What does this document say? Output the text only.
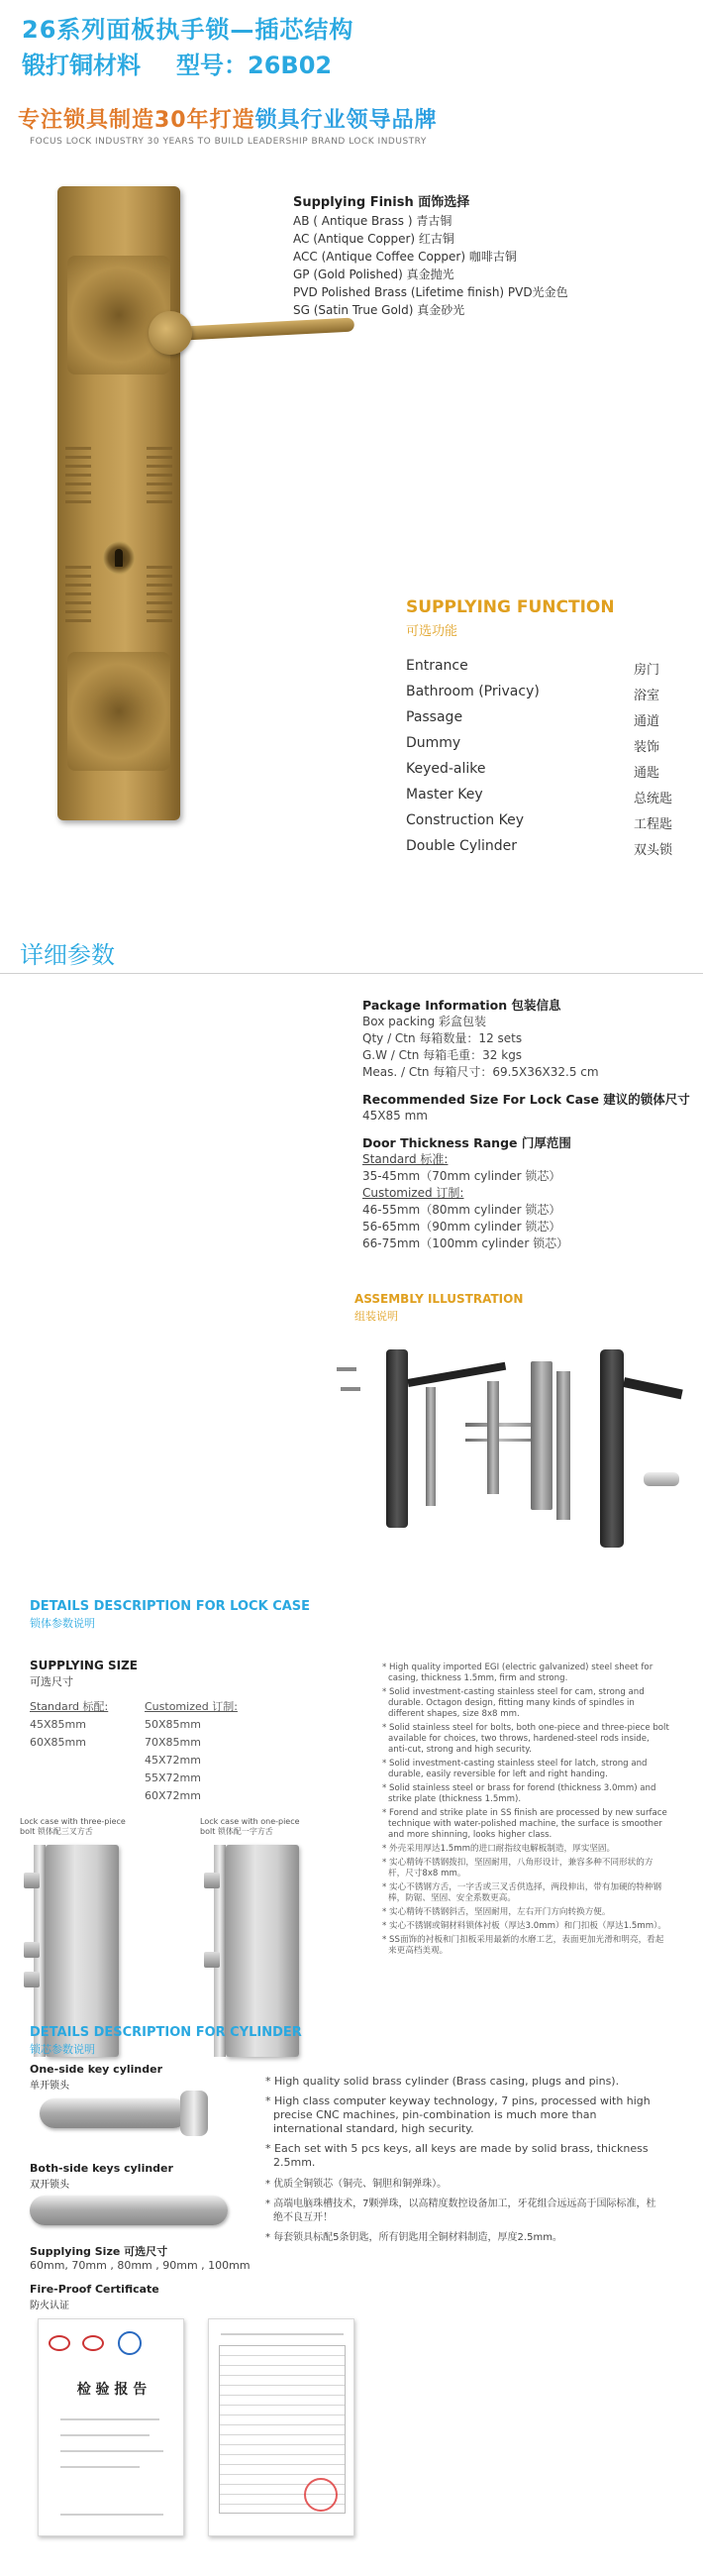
26系列面板执手锁—插芯结构
锻打铜材料 型号：26B02
专注锁具制造30年打造锁具行业领导品牌
FOCUS LOCK INDUSTRY 30 YEARS TO BUILD LEADERSHIP BRAND LOCK INDUSTRY
Supplying Finish 面饰选择
AB ( Antique Brass ) 青古铜
AC (Antique Copper) 红古铜
ACC (Antique Coffee Copper) 咖啡古铜
GP (Gold Polished) 真金抛光
PVD Polished Brass (Lifetime finish) PVD光金色
SG (Satin True Gold) 真金砂光
SUPPLYING FUNCTION
可选功能
Entrance	房门
Bathroom (Privacy)	浴室
Passage	通道
Dummy	装饰
Keyed-alike	通匙
Master Key	总统匙
Construction Key	工程匙
Double Cylinder	双头锁
详细参数
Package Information 包装信息
Box packing 彩盒包装
Qty / Ctn 每箱数量：12 sets
G.W / Ctn 每箱毛重：32 kgs
Meas. / Ctn 每箱尺寸：69.5X36X32.5 cm
Recommended Size For Lock Case 建议的锁体尺寸
45X85 mm
Door Thickness Range 门厚范围
Standard 标准:
35-45mm（70mm cylinder 锁芯）
Customized 订制:
46-55mm（80mm cylinder 锁芯）
56-65mm（90mm cylinder 锁芯）
66-75mm（100mm cylinder 锁芯）
ASSEMBLY ILLUSTRATION
组装说明
DETAILS DESCRIPTION FOR LOCK CASE
锁体参数说明
SUPPLYING SIZE
可选尺寸
Standard 标配:
45X85mm
60X85mm
Customized 订制:
50X85mm
70X85mm
45X72mm
55X72mm
60X72mm
Lock case with three-piece bolt 锁体配三叉方舌
Lock case with one-piece bolt 锁体配一字方舌

* High quality imported EGI (electric galvanized) steel sheet for casing, thickness 1.5mm, firm and strong.

* Solid investment-casting stainless steel for cam, strong and durable. Octagon design, fitting many kinds of spindles in different shapes, size 8x8 mm.

* Solid stainless steel for bolts, both one-piece and three-piece bolt available for choices, two throws, hardened-steel rods inside, anti-cut, strong and high security.

* Solid investment-casting stainless steel for latch, strong and durable, easily reversible for left and right handing.

* Solid stainless steel or brass for forend (thickness 3.0mm) and strike plate (thickness 1.5mm).

* Forend and strike plate in SS finish are processed by new surface technique with water-polished machine, the surface is smoother and more shinning, looks higher class.

* 外壳采用厚达1.5mm的进口耐指纹电解板制造，厚实坚固。

* 实心精铸不锈钢拨扣，坚固耐用，八角形设计，兼容多种不同形状的方杆，尺寸8x8 mm。

* 实心不锈钢方舌，一字舌或三叉舌供选择，两段伸出，带有加硬的特种钢棒，防锯、坚固、安全系数更高。

* 实心精铸不锈钢斜舌，坚固耐用，左右开门方向转换方便。

* 实心不锈钢或铜材料锁体衬板（厚达3.0mm）和门扣板（厚达1.5mm）。

* SS面饰的衬板和门扣板采用最新的水磨工艺，表面更加光滑和明亮，看起来更高档美观。

DETAILS DESCRIPTION FOR CYLINDER
锁芯参数说明
One-side key cylinder
单开锁头
Both-side keys cylinder
双开锁头

* High quality solid brass cylinder (Brass casing, plugs and pins).

* High class computer keyway technology, 7 pins, processed with high precise CNC machines, pin-combination is much more than international standard, high security.

* Each set with 5 pcs keys, all keys are made by solid brass, thickness 2.5mm.

* 优质全铜锁芯（铜壳、铜胆和铜弹珠）。

* 高端电脑珠槽技术，7颗弹珠，以高精度数控设备加工，牙花组合远远高于国际标准，杜绝不良互开！

* 每套锁具标配5条钥匙，所有钥匙用全铜材料制造，厚度2.5mm。

Supplying Size 可选尺寸
60mm, 70mm , 80mm , 90mm , 100mm
Fire-Proof Certificate
防火认证
检 验 报 告
